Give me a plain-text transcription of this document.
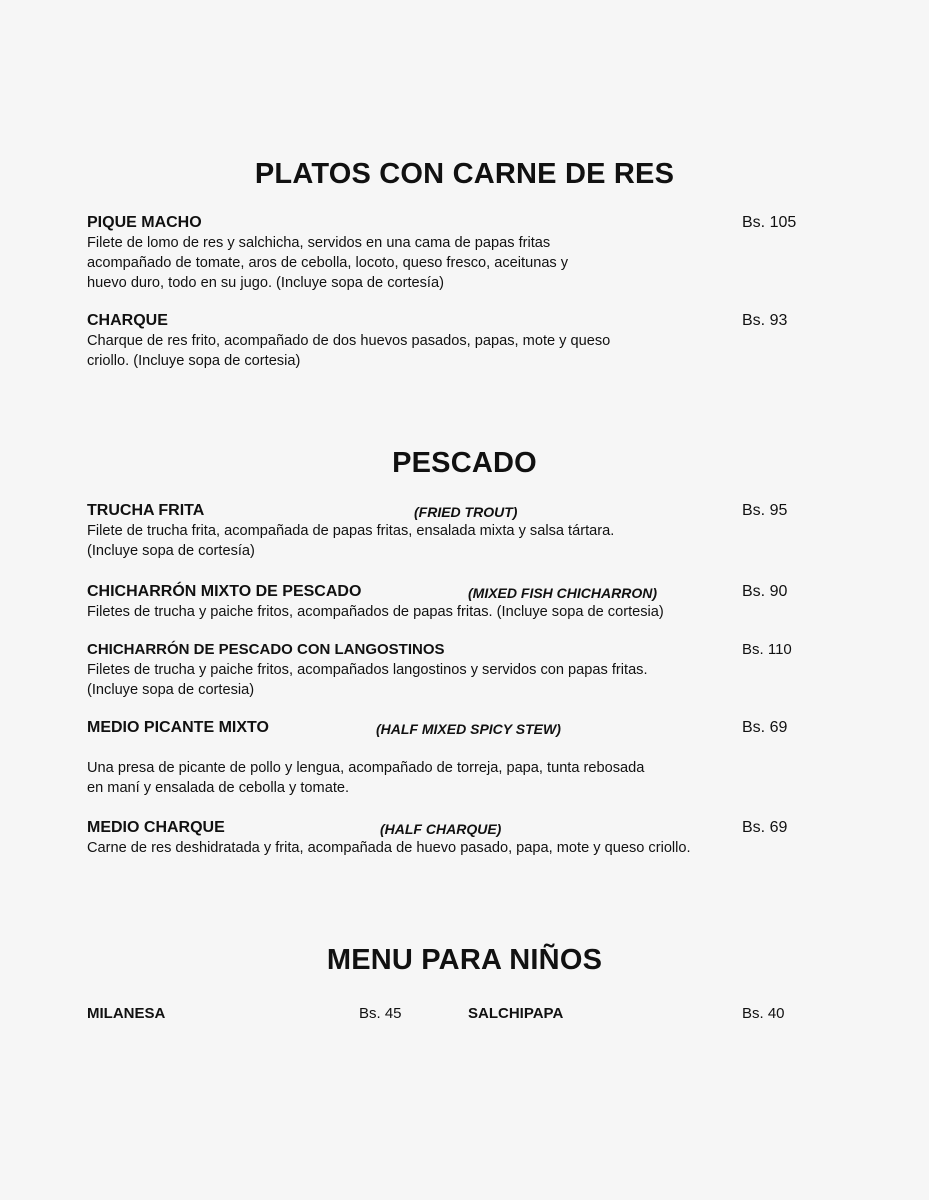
PLATOS CON CARNE DE RES
PIQUE MACHO	Bs. 105

Filete de lomo de res y salchicha, servidos en una cama de papas fritas
acompañado de tomate, aros de cebolla, locoto, queso fresco, aceitunas y
huevo duro, todo en su jugo. (Incluye sopa de cortesía)

CHARQUE	Bs. 93

Charque de res frito, acompañado de dos huevos pasados, papas, mote y queso
criollo. (Incluye sopa de cortesia)

PESCADO
TRUCHA FRITA	(FRIED TROUT)	Bs. 95

Filete de trucha frita, acompañada de papas fritas, ensalada mixta y salsa tártara.
(Incluye sopa de cortesía)

CHICHARRÓN MIXTO DE PESCADO	(MIXED FISH CHICHARRON)	Bs. 90

Filetes de trucha y paiche fritos, acompañados de papas fritas. (Incluye sopa de cortesia)

CHICHARRÓN DE PESCADO CON LANGOSTINOS	Bs. 110

Filetes de trucha y paiche fritos, acompañados langostinos y servidos con papas fritas.
(Incluye sopa de cortesia)

MEDIO PICANTE MIXTO	(HALF MIXED SPICY STEW)	Bs. 69

Una presa de picante de pollo y lengua, acompañado de torreja, papa, tunta rebosada
en maní y ensalada de cebolla y tomate.

MEDIO CHARQUE	(HALF CHARQUE)	Bs. 69

Carne de res deshidratada y frita, acompañada de huevo pasado, papa, mote y queso criollo.

MENU PARA NIÑOS
MILANESA	Bs. 45	SALCHIPAPA	Bs. 40
